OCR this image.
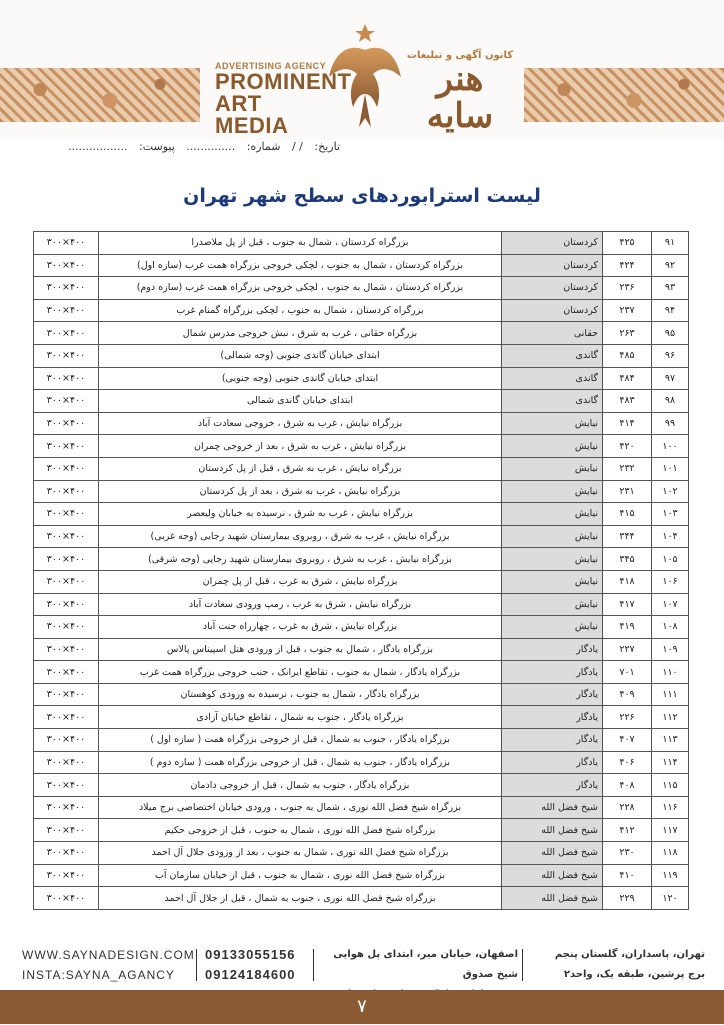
ADVERTISING AGENCY
PROMINENT
ART MEDIA
کانون آگهی و تبلیغات
هنر سایه
تاریخ: / / شماره: .............. پیوست: .................
لیست استرابوردهای سطح شهر تهران
۹۱	۴۲۵	کردستان	بزرگراه کردستان ، شمال به جنوب ، قبل از پل ملاصدرا	۳۰۰×۴۰۰
۹۲	۴۲۴	کردستان	بزرگراه کردستان ، شمال به جنوب ، لچکی خروجی بزرگراه همت غرب (سازه اول)	۳۰۰×۴۰۰
۹۳	۲۳۶	کردستان	بزرگراه کردستان ، شمال به جنوب ، لچکی خروجی بزرگراه همت غرب (سازه دوم)	۳۰۰×۴۰۰
۹۴	۲۳۷	کردستان	بزرگراه کردستان ، شمال به جنوب ، لچکی بزرگراه گمنام غرب	۳۰۰×۴۰۰
۹۵	۲۶۳	حقانی	بزرگراه حقانی ، غرب به شرق ، نبش خروجی مدرس شمال	۳۰۰×۴۰۰
۹۶	۴۸۵	گاندی	ابتدای خیابان گاندی جنوبی (وجه شمالی)	۳۰۰×۴۰۰
۹۷	۴۸۴	گاندی	ابتدای خیابان گاندی جنوبی (وجه جنوبی)	۳۰۰×۴۰۰
۹۸	۴۸۳	گاندی	ابتدای خیابان گاندی شمالی	۳۰۰×۴۰۰
۹۹	۴۱۴	نیایش	بزرگراه نیایش ، غرب به شرق ، خروجی سعادت آباد	۳۰۰×۴۰۰
۱۰۰	۴۲۰	نیایش	بزرگراه نیایش ، غرب به شرق ، بعد از خروجی چمران	۳۰۰×۴۰۰
۱۰۱	۲۳۲	نیایش	بزرگراه نیایش ، غرب به شرق ، قبل از پل کردستان	۳۰۰×۴۰۰
۱۰۲	۲۳۱	نیایش	بزرگراه نیایش ، غرب به شرق ، بعد از پل کردستان	۳۰۰×۴۰۰
۱۰۳	۴۱۵	نیایش	بزرگراه نیایش ، غرب به شرق ، نرسیده به خیابان ولیعصر	۳۰۰×۴۰۰
۱۰۴	۳۴۴	نیایش	بزرگراه نیایش ، غرب به شرق ، روبروی بیمارستان شهید رجایی (وجه غربی)	۳۰۰×۴۰۰
۱۰۵	۳۴۵	نیایش	بزرگراه نیایش ، غرب به شرق ، روبروی بیمارستان شهید رجایی (وجه شرقی)	۳۰۰×۴۰۰
۱۰۶	۴۱۸	نیایش	بزرگراه نیایش ، شرق به غرب ، قبل از پل چمران	۳۰۰×۴۰۰
۱۰۷	۴۱۷	نیایش	بزرگراه نیایش ، شرق به غرب ، رمپ ورودی سعادت آباد	۳۰۰×۴۰۰
۱۰۸	۴۱۹	نیایش	بزرگراه نیایش ، شرق به غرب ، چهارراه جنت آباد	۳۰۰×۴۰۰
۱۰۹	۲۲۷	یادگار	بزرگراه یادگار ، شمال به جنوب ، قبل از ورودی هتل اسپیناس پالاس	۳۰۰×۴۰۰
۱۱۰	۷۰۱	یادگار	بزرگراه یادگار ، شمال به جنوب ، تقاطع ایرانک ، جنب خروجی بزرگراه همت غرب	۳۰۰×۴۰۰
۱۱۱	۴۰۹	یادگار	بزرگراه یادگار ، شمال به جنوب ، نرسیده به ورودی کوهستان	۳۰۰×۴۰۰
۱۱۲	۲۲۶	یادگار	بزرگراه یادگار ، جنوب به شمال ، تقاطع خیابان آزادی	۳۰۰×۴۰۰
۱۱۳	۴۰۷	یادگار	بزرگراه یادگار ، جنوب به شمال ، قبل از خروجی بزرگراه همت ( سازه اول )	۳۰۰×۴۰۰
۱۱۴	۴۰۶	یادگار	بزرگراه یادگار ، جنوب به شمال ، قبل از خروجی بزرگراه همت ( سازه دوم )	۳۰۰×۴۰۰
۱۱۵	۴۰۸	یادگار	بزرگراه یادگار ، جنوب به شمال ، قبل از خروجی دادمان	۳۰۰×۴۰۰
۱۱۶	۲۲۸	شیخ فضل الله	بزرگراه شیخ فضل الله نوری ، شمال به جنوب ، ورودی خیابان اختصاصی برج میلاد	۳۰۰×۴۰۰
۱۱۷	۴۱۲	شیخ فضل الله	بزرگراه شیخ فضل الله نوری ، شمال به جنوب ، قبل از خروجی حکیم	۳۰۰×۴۰۰
۱۱۸	۲۳۰	شیخ فضل الله	بزرگراه شیخ فضل الله نوری ، شمال به جنوب ، بعد از ورودی جلال آل احمد	۳۰۰×۴۰۰
۱۱۹	۴۱۰	شیخ فضل الله	بزرگراه شیخ فضل الله نوری ، شمال به جنوب ، قبل از خیابان سازمان آب	۳۰۰×۴۰۰
۱۲۰	۲۲۹	شیخ فضل الله	بزرگراه شیخ فضل الله نوری ، جنوب به شمال ، قبل از جلال آل احمد	۳۰۰×۴۰۰
WWW.SAYNADESIGN.COM
INSTA:SAYNA_AGANCY
09133055156
09124184600
اصفهان، خیابان میر، ابتدای پل هوایی شیخ صدوق
تهران، پاسداران، گلستان پنجم
برج پرشین، طبقه یک، واحد۲
۷
